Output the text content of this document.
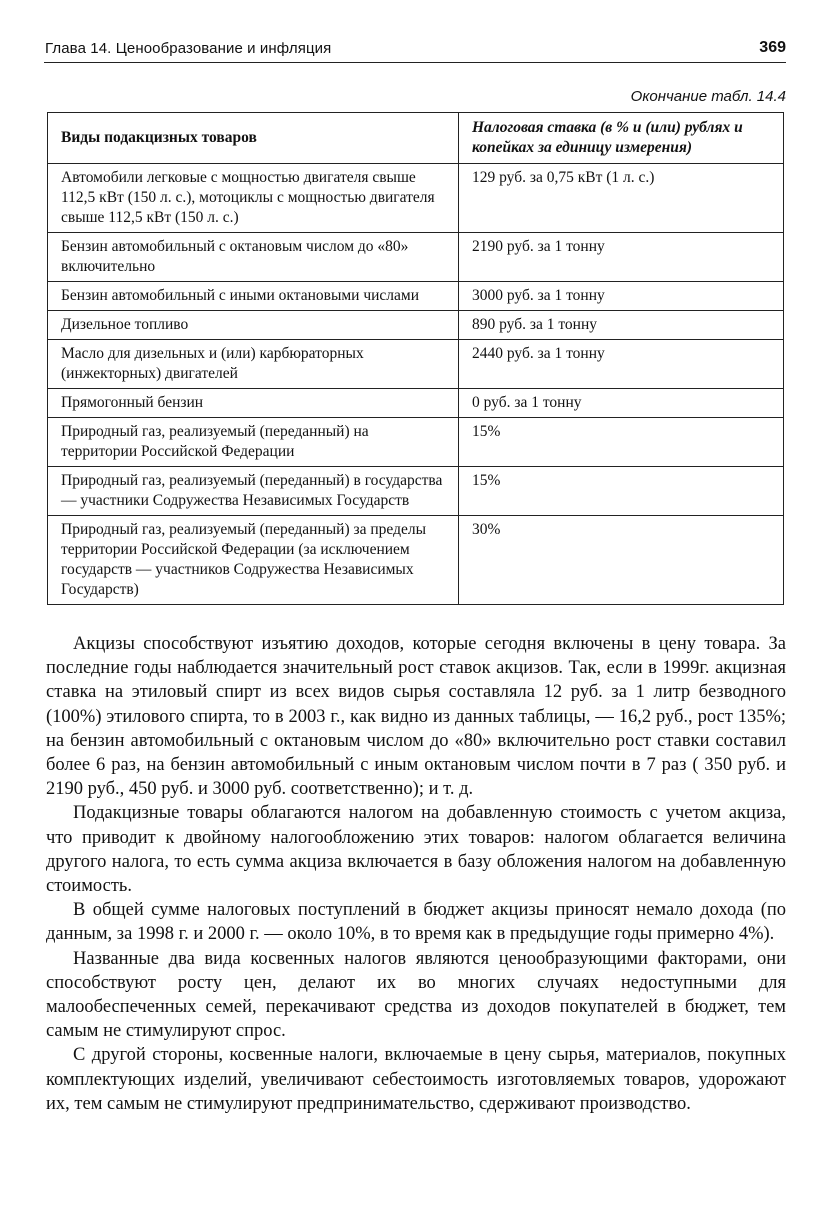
Глава 14. Ценообразование и инфляция	369
Окончание табл. 14.4
Виды подакцизных товаров	Налоговая ставка (в % и (или) рублях и копейках за единицу измерения)
Автомобили легковые с мощностью двигателя свыше 112,5 кВт (150 л. с.), мотоциклы с мощностью двигателя свыше 112,5 кВт (150 л. с.)	129 руб. за 0,75 кВт (1 л. с.)
Бензин автомобильный с октановым числом до «80» включительно	2190 руб. за 1 тонну
Бензин автомобильный с иными октановыми числами	3000 руб. за 1 тонну
Дизельное топливо	890 руб. за 1 тонну
Масло для дизельных и (или) карбюраторных (инжекторных) двигателей	2440 руб. за 1 тонну
Прямогонный бензин	0 руб. за 1 тонну
Природный газ, реализуемый (переданный) на территории Российской Федерации	15%
Природный газ, реализуемый (переданный) в государства — участники Содружества Независимых Государств	15%
Природный газ, реализуемый (переданный) за пределы территории Российской Федерации (за исключением государств — участников Содружества Независимых Государств)	30%

Акцизы способствуют изъятию доходов, которые сегодня включены в цену товара. За последние годы наблюдается значительный рост ставок акцизов. Так, если в 1999г. акцизная ставка на этиловый спирт из всех видов сырья составляла 12 руб. за 1 литр безводного (100%) этилового спирта, то в 2003 г., как видно из данных таблицы, — 16,2 руб., рост 135%; на бензин автомобильный с октановым числом до «80» включительно рост ставки составил более 6 раз, на бензин автомобильный с иным октановым числом почти в 7 раз ( 350 руб. и 2190 руб., 450 руб. и 3000 руб. соответственно); и т. д.

Подакцизные товары облагаются налогом на добавленную стоимость с учетом акциза, что приводит к двойному налогообложению этих товаров: налогом облагается величина другого налога, то есть сумма акциза включается в базу обложения налогом на добавленную стоимость.

В общей сумме налоговых поступлений в бюджет акцизы приносят немало дохода (по данным, за 1998 г. и 2000 г. — около 10%, в то время как в предыдущие годы примерно 4%).

Названные два вида косвенных налогов являются ценообразующими факторами, они способствуют росту цен, делают их во многих случаях недоступными для малообеспеченных семей, перекачивают средства из доходов покупателей в бюджет, тем самым не стимулируют спрос.

С другой стороны, косвенные налоги, включаемые в цену сырья, материалов, покупных комплектующих изделий, увеличивают себестоимость изготовляемых товаров, удорожают их, тем самым не стимулируют предпринимательство, сдерживают производство.
